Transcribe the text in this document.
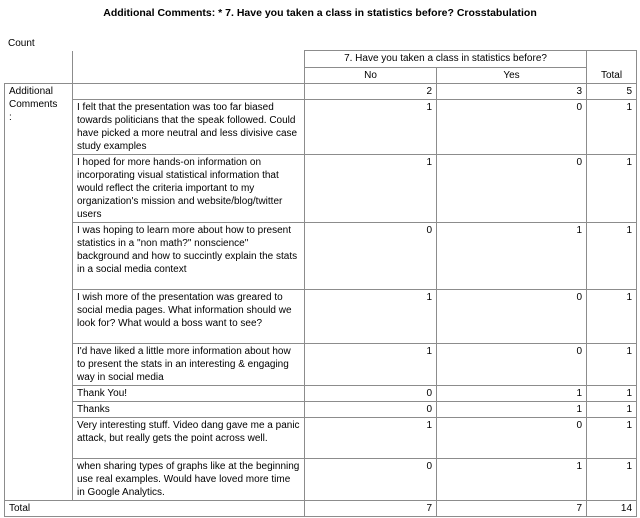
Additional Comments: * 7. Have you taken a class in statistics before? Crosstabulation
Count
		7. Have you taken a class in statistics before?		
		No	Yes	Total

Additional
Comments
:		2	3	5
	I felt that the presentation was too far biased towards politicians that the speak followed. Could have picked a more neutral and less divisive case study examples	1	0	1
	I hoped for more hands-on information on incorporating visual statistical information that would reflect the criteria important to my organization's mission and website/blog/twitter users	1	0	1
	I was hoping to learn more about how to present statistics in a "non math?" nonscience" background and how to succintly explain the stats in a social media context	0	1	1
	I wish more of the presentation was greared to social media pages. What information should we look for? What would a boss want to see?	1	0	1
	I'd have liked a little more information about how to present the stats in an interesting & engaging way in social media	1	0	1
	Thank You!	0	1	1
	Thanks	0	1	1
	Very interesting stuff. Video dang gave me a panic attack, but really gets the point across well.	1	0	1
	when sharing types of graphs like at the beginning use real examples. Would have loved more time in Google Analytics.	0	1	1
Total		7	7	14
